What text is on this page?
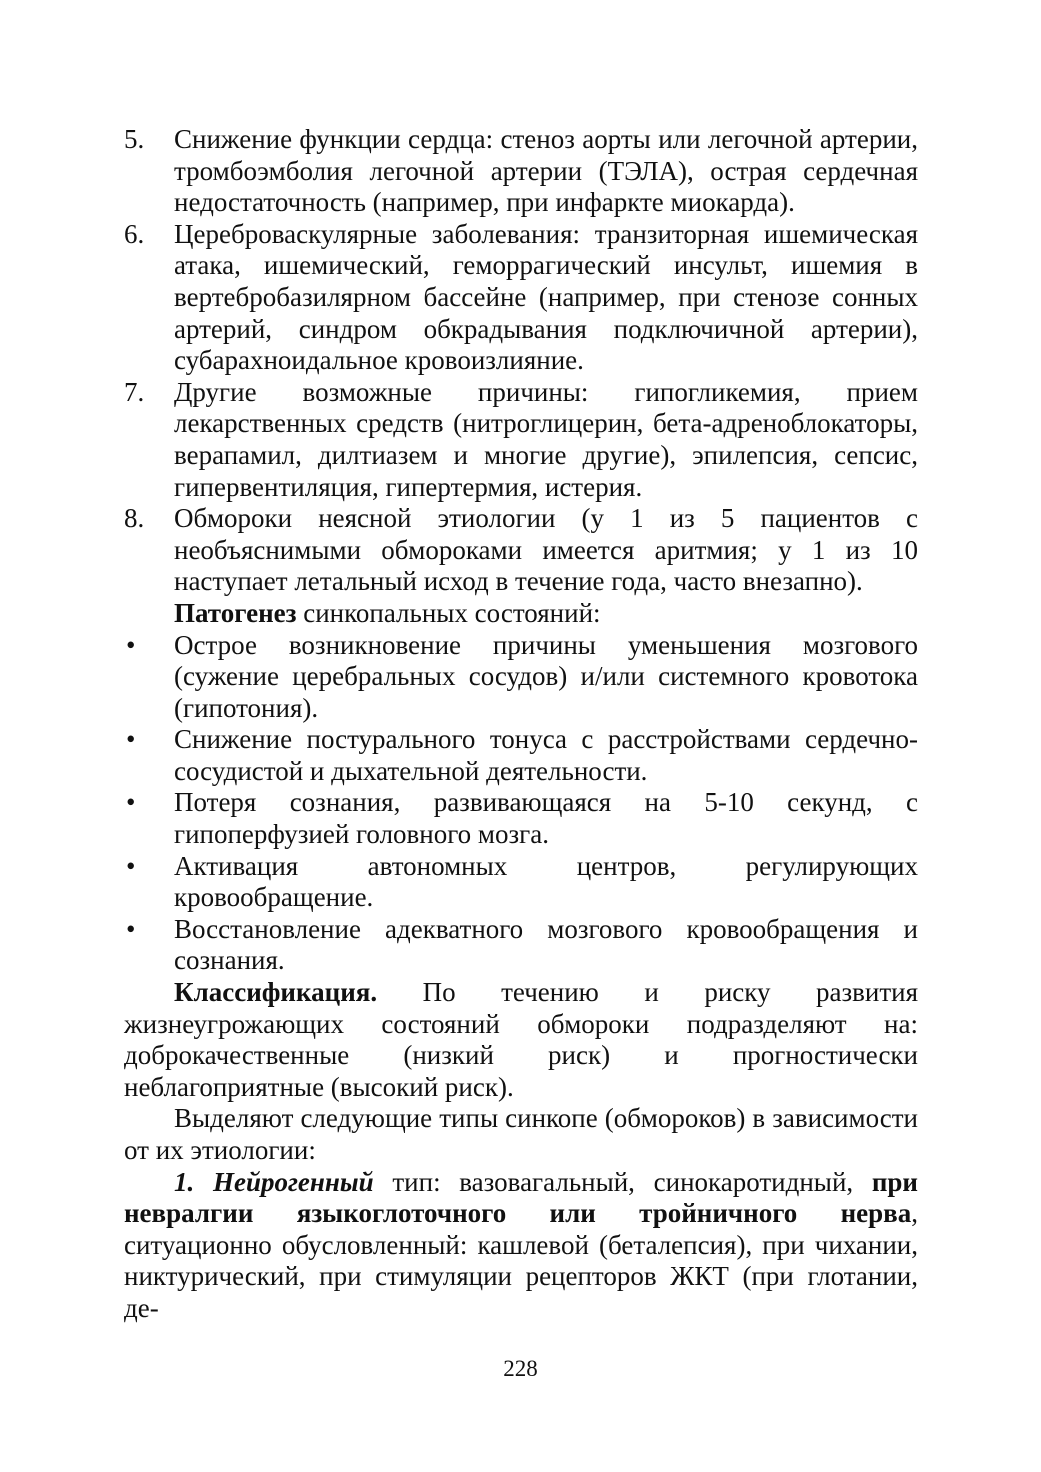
5. Снижение функции сердца: стеноз аорты или легочной артерии, тромбоэмболия легочной артерии (ТЭЛА), острая сердечная недостаточность (например, при инфаркте миокарда).
6. Цереброваскулярные заболевания: транзиторная ишемическая атака, ишемический, геморрагический инсульт, ишемия в вертебробазилярном бассейне (например, при стенозе сонных артерий, синдром обкрадывания подключичной артерии), субарахноидальное кровоизлияние.
7. Другие возможные причины: гипогликемия, прием лекарственных средств (нитроглицерин, бета-адреноблокаторы, верапамил, дилтиазем и многие другие), эпилепсия, сепсис, гипервентиляция, гипертермия, истерия.
8. Обмороки неясной этиологии (у 1 из 5 пациентов с необъяснимыми обмороками имеется аритмия; у 1 из 10 наступает летальный исход в течение года, часто внезапно).
Патогенез синкопальных состояний:
• Острое возникновение причины уменьшения мозгового (сужение церебральных сосудов) и/или системного кровотока (гипотония).
• Снижение постурального тонуса с расстройствами сердечно-сосудистой и дыхательной деятельности.
• Потеря сознания, развивающаяся на 5-10 секунд, с гипоперфузией головного мозга.
• Активация автономных центров, регулирующих кровообращение.
• Восстановление адекватного мозгового кровообращения и сознания.
Классификация. По течению и риску развития жизнеугрожающих состояний обмороки подразделяют на: доброкачественные (низкий риск) и прогностически неблагоприятные (высокий риск).
Выделяют следующие типы синкопе (обмороков) в зависимости от их этиологии:
1. Нейрогенный тип: вазовагальный, синокаротидный, при невралгии языкоглоточного или тройничного нерва, ситуационно обусловленный: кашлевой (беталепсия), при чихании, никтурический, при стимуляции рецепторов ЖКТ (при глотании, де-
228
